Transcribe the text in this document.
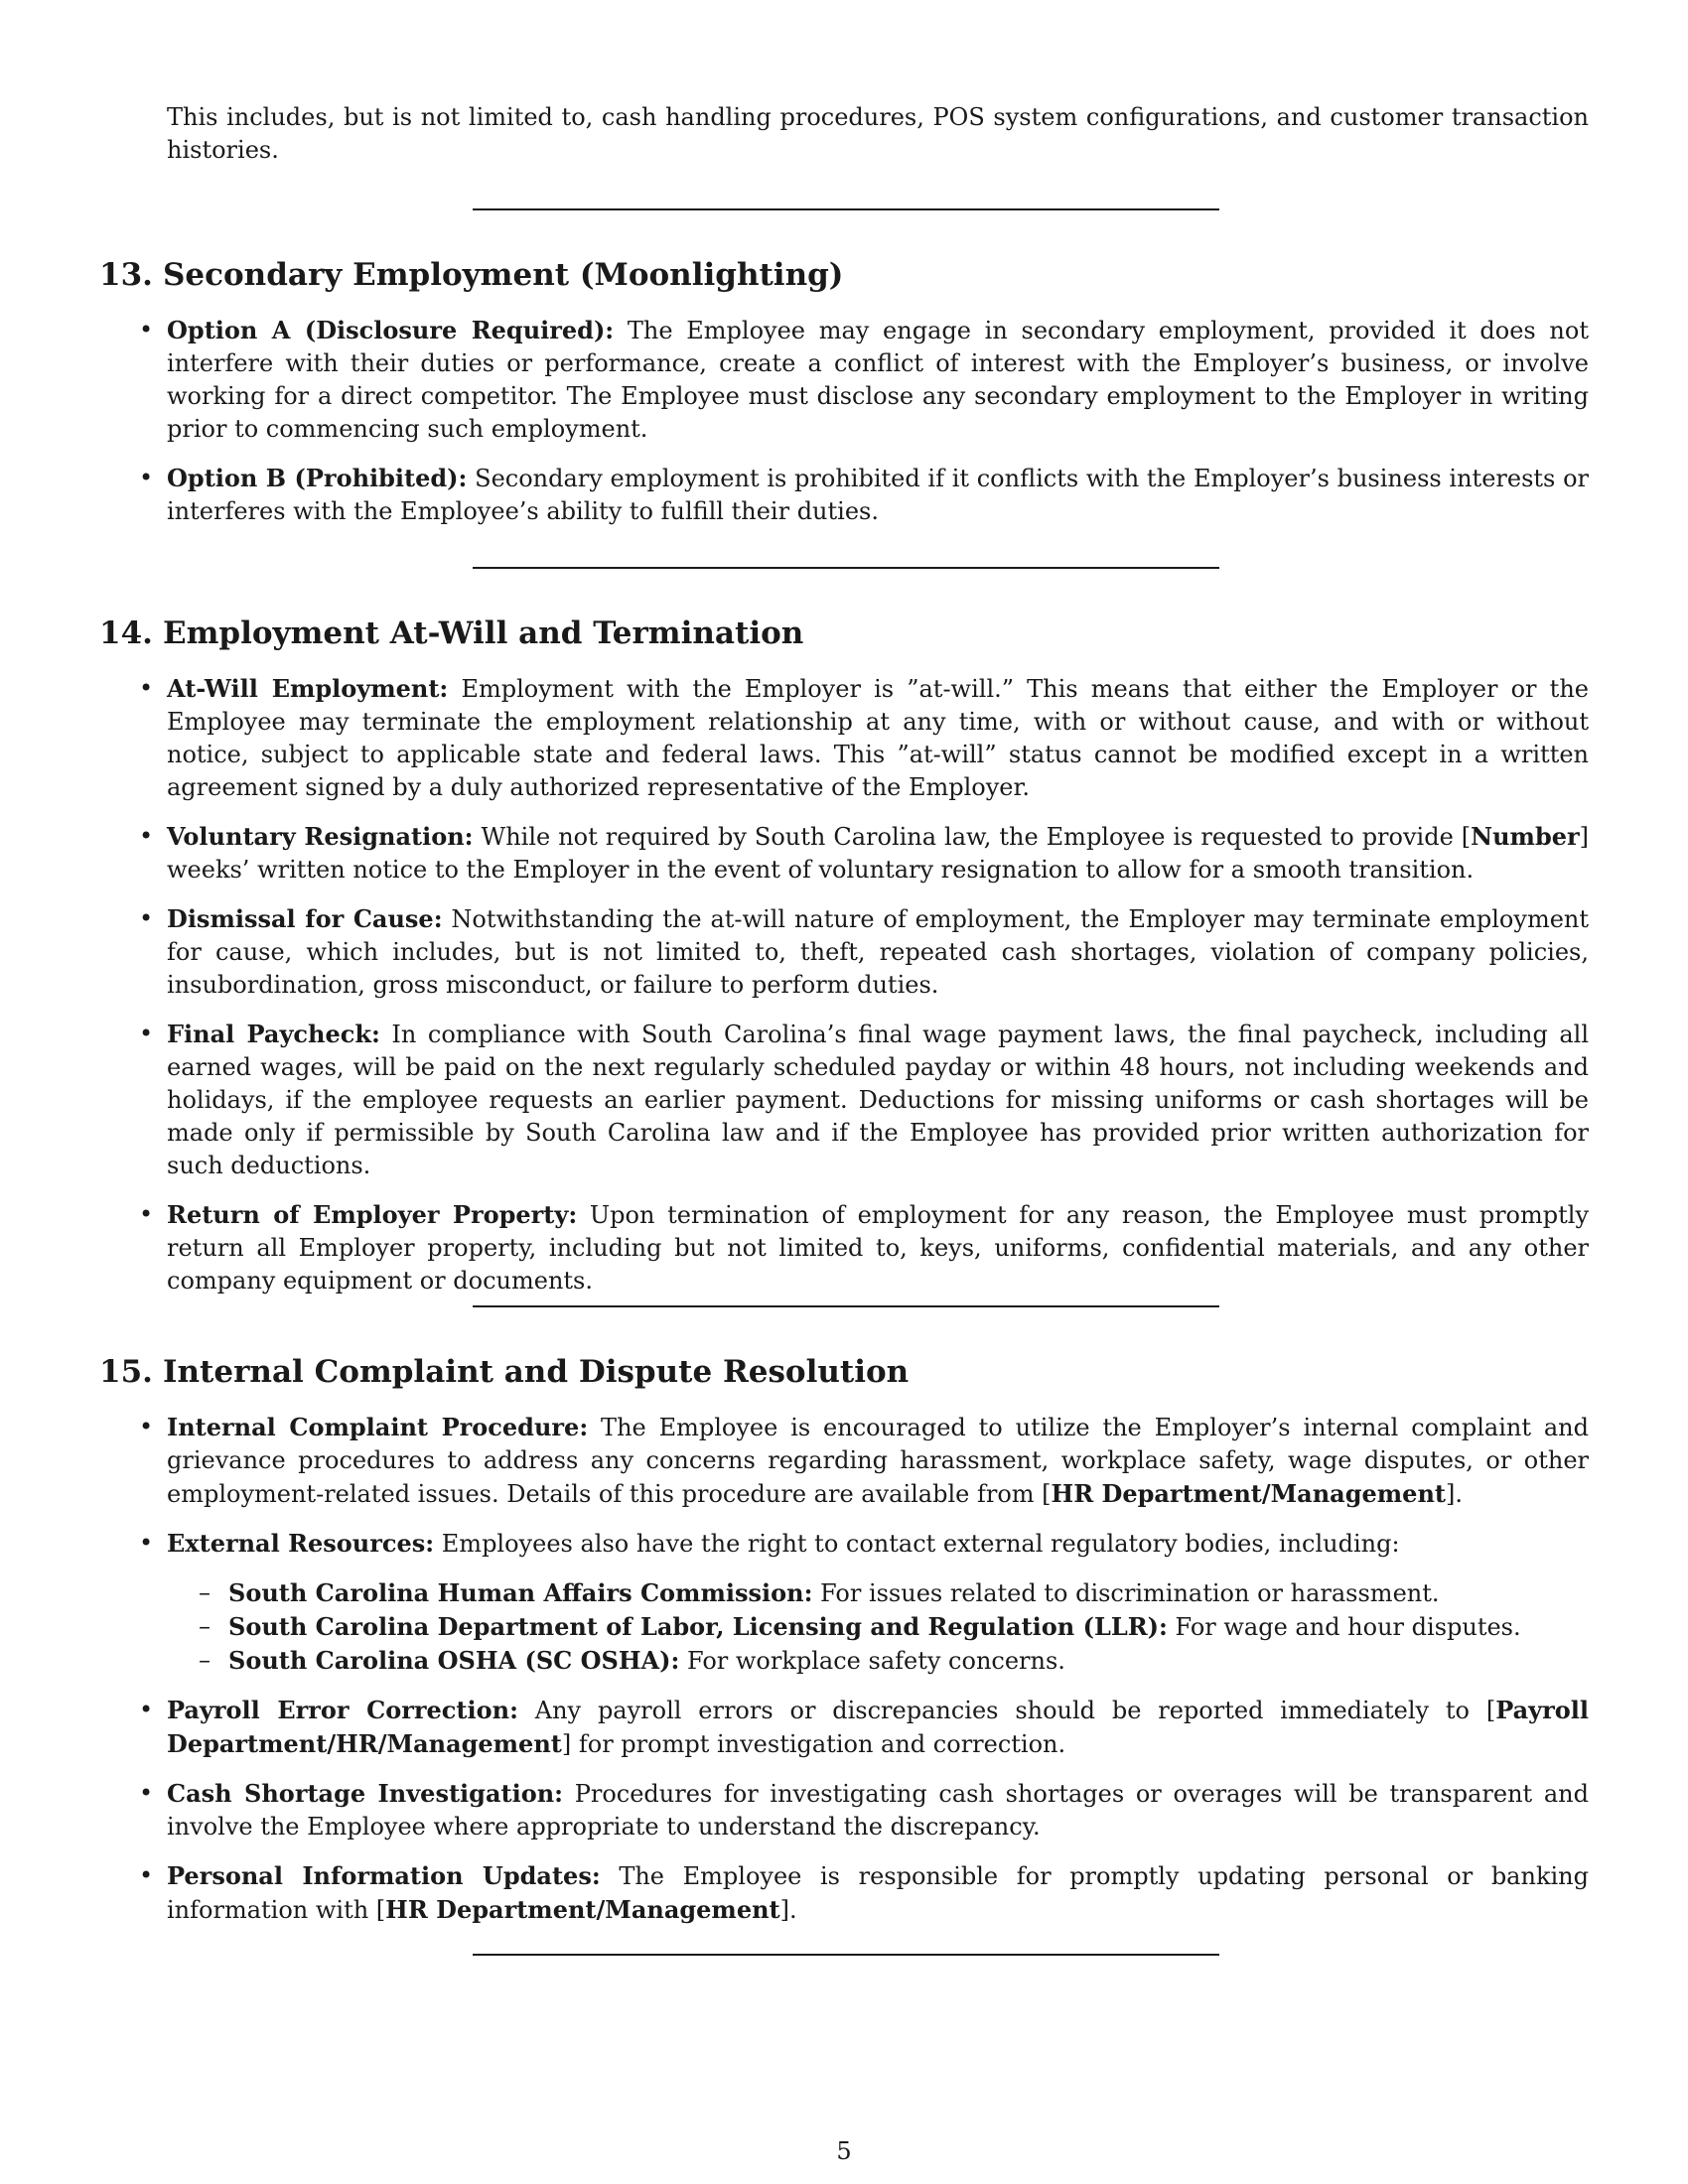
This includes, but is not limited to, cash handling procedures, POS system configurations, and customer transaction histories.

13. Secondary Employment (Moonlighting)
• Option A (Disclosure Required): The Employee may engage in secondary employment, provided it does not interfere with their duties or performance, create a conflict of interest with the Employer’s business, or involve working for a direct competitor. The Employee must disclose any secondary employment to the Employer in writing prior to commencing such employment.
• Option B (Prohibited): Secondary employment is prohibited if it conflicts with the Employer’s business interests or interferes with the Employee’s ability to fulfill their duties.
14. Employment At-Will and Termination
• At-Will Employment: Employment with the Employer is ”at-will.” This means that either the Employer or the Employee may terminate the employment relationship at any time, with or without cause, and with or without notice, subject to applicable state and federal laws. This ”at-will” status cannot be modified except in a written agreement signed by a duly authorized representative of the Employer.
• Voluntary Resignation: While not required by South Carolina law, the Employee is requested to provide [Number] weeks’ written notice to the Employer in the event of voluntary resignation to allow for a smooth transition.
• Dismissal for Cause: Notwithstanding the at-will nature of employment, the Employer may terminate employment for cause, which includes, but is not limited to, theft, repeated cash shortages, violation of company policies, insubordination, gross misconduct, or failure to perform duties.
• Final Paycheck: In compliance with South Carolina’s final wage payment laws, the final paycheck, including all earned wages, will be paid on the next regularly scheduled payday or within 48 hours, not including weekends and holidays, if the employee requests an earlier payment. Deductions for missing uniforms or cash shortages will be made only if permissible by South Carolina law and if the Employee has provided prior written authorization for such deductions.
• Return of Employer Property: Upon termination of employment for any reason, the Employee must promptly return all Employer property, including but not limited to, keys, uniforms, confidential materials, and any other company equipment or documents.
15. Internal Complaint and Dispute Resolution
• Internal Complaint Procedure: The Employee is encouraged to utilize the Employer’s internal complaint and grievance procedures to address any concerns regarding harassment, workplace safety, wage disputes, or other employment-related issues. Details of this procedure are available from [HR Department/Management].
• External Resources: Employees also have the right to contact external regulatory bodies, including:
– South Carolina Human Affairs Commission: For issues related to discrimination or harassment.
– South Carolina Department of Labor, Licensing and Regulation (LLR): For wage and hour disputes.
– South Carolina OSHA (SC OSHA): For workplace safety concerns.
• Payroll Error Correction: Any payroll errors or discrepancies should be reported immediately to [Payroll Department/HR/Management] for prompt investigation and correction.
• Cash Shortage Investigation: Procedures for investigating cash shortages or overages will be transparent and involve the Employee where appropriate to understand the discrepancy.
• Personal Information Updates: The Employee is responsible for promptly updating personal or banking information with [HR Department/Management].
5
